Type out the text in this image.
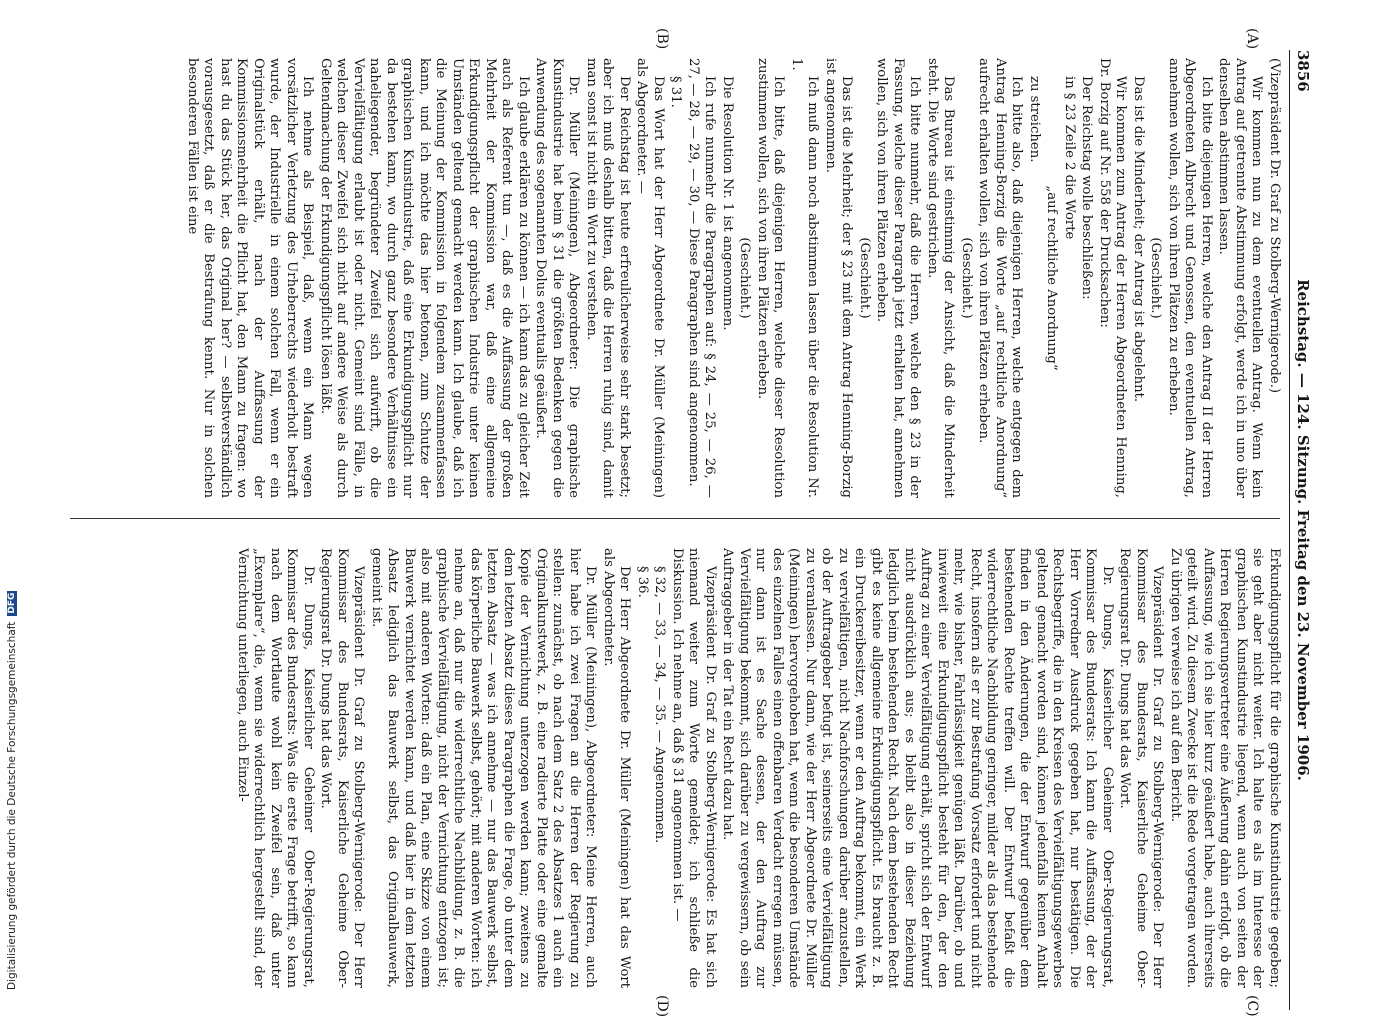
3856
Reichstag. — 124. Sitzung. Freitag den 23. November 1906.
(A)
(B)
(C)
(D)

(Vizepräsident Dr. Graf zu Stolberg-Wernigerode.)

Wir kommen nun zu dem eventuellen Antrag. Wenn kein Antrag auf getrennte Abstimmung erfolgt, werde ich in uno über denselben abstimmen lassen.

Ich bitte diejenigen Herren, welche den Antrag II der Herren Abgeordneten Albrecht und Genossen, den eventuellen Antrag, annehmen wollen, sich von ihren Plätzen zu erheben.

(Geschieht.)

Das ist die Minderheit; der Antrag ist abgelehnt.

Wir kommen zum Antrag der Herren Abgeordneten Henning, Dr. Borzig auf Nr. 558 der Drucksachen:

Der Reichstag wolle beschließen:

in § 23 Zeile 2 die Worte

„auf rechtliche Anordnung“

zu streichen.

Ich bitte also, daß diejenigen Herren, welche entgegen dem Antrag Henning-Borzig die Worte „auf rechtliche Anordnung“ aufrecht erhalten wollen, sich von ihren Plätzen erheben.

(Geschieht.)

Das Bureau ist einstimmig der Ansicht, daß die Minderheit steht. Die Worte sind gestrichen.

Ich bitte nunmehr, daß die Herren, welche den § 23 in der Fassung, welche dieser Paragraph jetzt erhalten hat, annehmen wollen, sich von ihren Plätzen erheben.

(Geschieht.)

Das ist die Mehrheit; der § 23 mit dem Antrag Henning-Borzig ist angenommen.

Ich muß dann noch abstimmen lassen über die Resolution Nr. 1.

Ich bitte, daß diejenigen Herren, welche dieser Resolution zustimmen wollen, sich von ihren Plätzen erheben.

(Geschieht.)

Die Resolution Nr. 1 ist angenommen.

Ich rufe nunmehr die Paragraphen auf: § 24, — 25, — 26, — 27, — 28, — 29, — 30, — Diese Paragraphen sind angenommen.

§ 31.

Das Wort hat der Herr Abgeordnete Dr. Müller (Meiningen) als Abgeordneter. —

Der Reichstag ist heute erfreulicherweise sehr stark besetzt; aber ich muß deshalb bitten, daß die Herren ruhig sind, damit man sonst ist nicht ein Wort zu verstehen.

Dr. Müller (Meiningen), Abgeordneter: Die graphische Kunstindustrie hat beim § 31 die größten Bedenken gegen die Anwendung des sogenannten Dolus eventualis geäußert.

Ich glaube erklären zu können — ich kann das zu gleicher Zeit auch als Referent tun —, daß es die Auffassung der großen Mehrheit der Kommission war, daß eine allgemeine Erkundigungspflicht der graphischen Industrie unter keinen Umständen geltend gemacht werden kann. Ich glaube, daß ich die Meinung der Kommission in folgendem zusammenfassen kann, und ich möchte das hier betonen, zum Schutze der graphischen Kunstindustrie, daß eine Erkundigungspflicht nur da bestehen kann, wo durch ganz besondere Verhältnisse ein naheliegender, begründeter Zweifel sich aufwirft, ob die Vervielfältigung erlaubt ist oder nicht. Gemeint sind Fälle, in welchen dieser Zweifel sich nicht auf andere Weise als durch Geltendmachung der Erkundigungspflicht lösen läßt.

Ich nehme als Beispiel, daß, wenn ein Mann wegen vorsätzlicher Verletzung des Urheberrechts wiederholt bestraft wurde, der Industrielle in einem solchen Fall, wenn er ein Originalstück erhält, nach der Auffassung der Kommissionsmehrheit die Pflicht hat, den Mann zu fragen: wo hast du das Stück her, das Original her? — selbstverständlich vorausgesetzt, daß er die Bestrafung kennt. Nur in solchen besonderen Fällen ist eine

Erkundigungspflicht für die graphische Kunstindustrie gegeben; sie geht aber nicht weiter. Ich halte es als im Interesse der graphischen Kunstindustrie liegend, wenn auch von seiten der Herren Regierungsvertreter eine Äußerung dahin erfolgt, ob die Auffassung, wie ich sie hier kurz geäußert habe, auch ihrerseits geteilt wird. Zu diesem Zwecke ist die Rede vorgetragen worden. Zu übrigen verweise ich auf den Bericht.

Vizepräsident Dr. Graf zu Stolberg-Wernigerode: Der Herr Kommissar des Bundesrats, Kaiserliche Geheime Ober-Regierungsrat Dr. Dungs hat das Wort.

Dr. Dungs, Kaiserlicher Geheimer Ober-Regierungsrat, Kommissar des Bundesrats: Ich kann die Auffassung, der der Herr Vorredner Ausdruck gegeben hat, nur bestätigen. Die Rechtsbegriffe, die in den Kreisen des Vervielfältigungsgewerbes geltend gemacht worden sind, können jedenfalls keinen Anhalt finden in den Änderungen, die der Entwurf gegenüber dem bestehenden Rechte treffen will. Der Entwurf befaßt die widerrechtliche Nachbildung geringer, milder als das bestehende Recht, insofern als er zur Bestrafung Vorsatz erfordert und nicht mehr, wie bisher, Fahrlässigkeit genügen läßt. Darüber, ob und inwieweit eine Erkundigungspflicht besteht für den, der den Auftrag zu einer Vervielfältigung erhält, spricht sich der Entwurf nicht ausdrücklich aus; es bleibt also in dieser Beziehung lediglich beim bestehenden Recht. Nach dem bestehenden Recht gibt es keine allgemeine Erkundigungspflicht. Es braucht z. B. ein Druckereibesitzer, wenn er den Auftrag bekommt, ein Werk zu vervielfältigen, nicht Nachforschungen darüber anzustellen, ob der Auftraggeber befugt ist, seinerseits eine Vervielfältigung zu veranlassen. Nur dann, wie der Herr Abgeordnete Dr. Müller (Meiningen) hervorgehoben hat, wenn die besonderen Umstände des einzelnen Falles einen offenbaren Verdacht erregen müssen, nur dann ist es Sache dessen, der den Auftrag zur Vervielfältigung bekommt, sich darüber zu vergewissern, ob sein Auftraggeber in der Tat ein Recht dazu hat.

Vizepräsident Dr. Graf zu Stolberg-Wernigerode: Es hat sich niemand weiter zum Worte gemeldet; ich schließe die Diskussion. Ich nehme an, daß § 31 angenommen ist. —

§ 32, — 33, — 34, — 35. — Angenommen.

§ 36.

Der Herr Abgeordnete Dr. Müller (Meiningen) hat das Wort als Abgeordneter.

Dr. Müller (Meiningen), Abgeordneter: Meine Herren, auch hier habe ich zwei Fragen an die Herren der Regierung zu stellen: zunächst, ob nach dem Satz 2 des Absatzes 1 auch ein Originalkunstwerk, z. B. eine radierte Platte oder eine gemalte Kopie der Vernichtung unterzogen werden kann; zweitens zu dem letzten Absatz dieses Paragraphen die Frage, ob unter dem letzten Absatz — was ich annehme — nur das Bauwerk selbst, das körperliche Bauwerk selbst, gehört; mit anderen Worten: ich nehme an, daß nur die widerrechtliche Nachbildung, z. B. die graphische Vervielfältigung, nicht der Vernichtung entzogen ist; also mit anderen Worten: daß ein Plan, eine Skizze von einem Bauwerk vernichtet werden kann, und daß hier in dem letzten Absatz lediglich das Bauwerk selbst, das Originalbauwerk, gemeint ist.

Vizepräsident Dr. Graf zu Stolberg-Wernigerode: Der Herr Kommissar des Bundesrats, Kaiserliche Geheime Ober-Regierungsrat Dr. Dungs hat das Wort.

Dr. Dungs, Kaiserlicher Geheimer Ober-Regierungsrat, Kommissar des Bundesrats: Was die erste Frage betrifft, so kann nach dem Wortlaute wohl kein Zweifel sein, daß unter „Exemplare“, die, wenn sie widerrechtlich hergestellt sind, der Vernichtung unterliegen, auch Einzel-

Digitalisierung gefördert durch die Deutsche ForschungsgemeinschaftDFG
